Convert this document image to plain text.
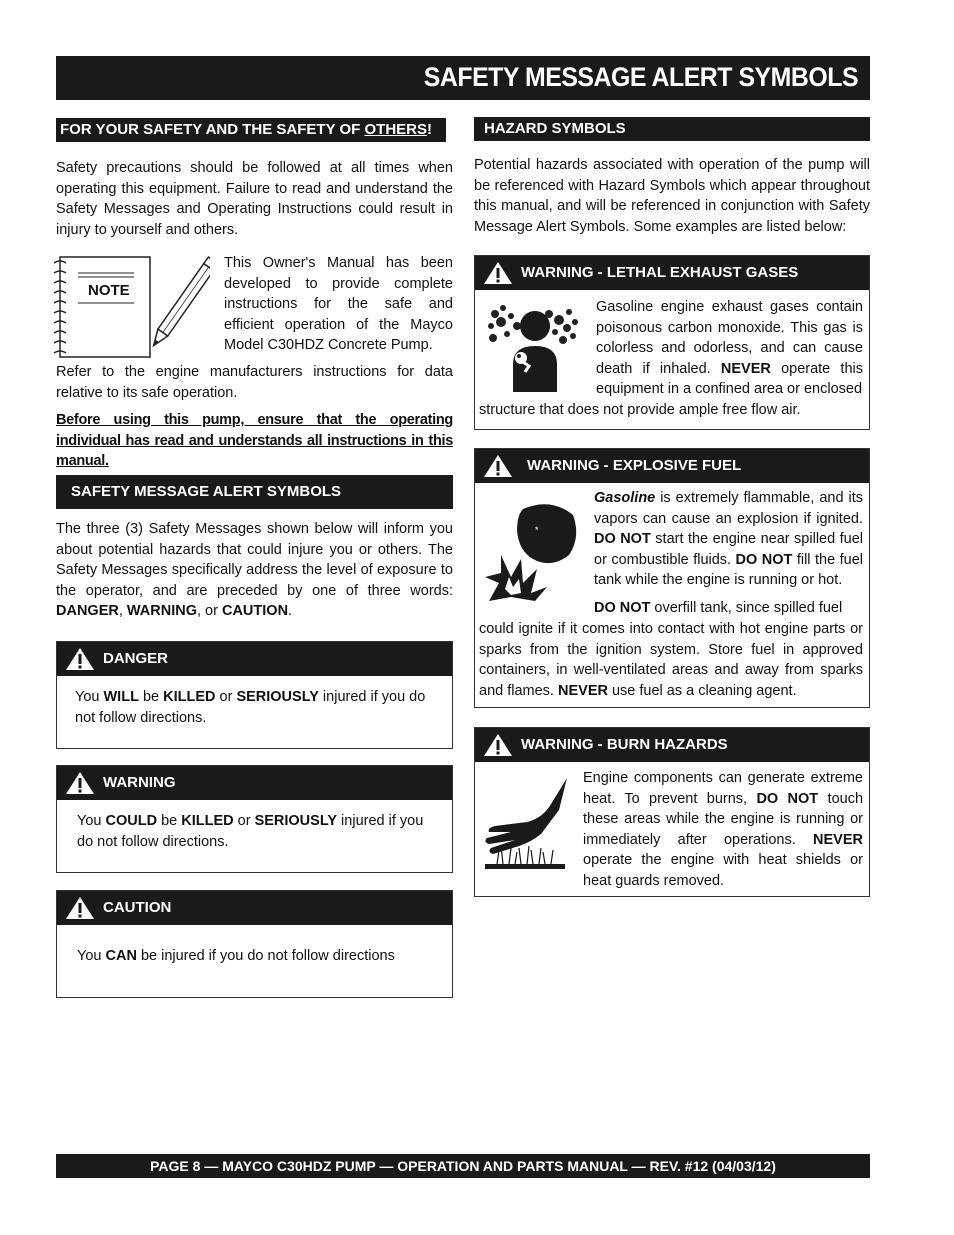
SAFETY MESSAGE ALERT SYMBOLS
FOR YOUR SAFETY AND THE SAFETY OF OTHERS!

Safety precautions should be followed at all times when operating this equipment. Failure to read and understand the Safety Messages and Operating Instructions could result in injury to yourself and others.

NOTE

This Owner's Manual has been developed to provide complete instructions for the safe and efficient operation of the Mayco Model C30HDZ Concrete Pump.

Refer to the engine manufacturers instructions for data relative to its safe operation.

Before using this pump, ensure that the operating individual has read and understands all instructions in this manual.

SAFETY MESSAGE ALERT SYMBOLS

The three (3) Safety Messages shown below will inform you about potential hazards that could injure you or others. The Safety Messages specifically address the level of exposure to the operator, and are preceded by one of three words: DANGER, WARNING, or CAUTION.

DANGER
You WILL be KILLED or SERIOUSLY injured if you do not follow directions.
WARNING
You COULD be KILLED or SERIOUSLY injured if you do not follow directions.
CAUTION
You CAN be injured if you do not follow directions
HAZARD SYMBOLS

Potential hazards associated with operation of the pump will be referenced with Hazard Symbols which appear throughout this manual, and will be referenced in conjunction with Safety Message Alert Symbols. Some examples are listed below:

WARNING - LETHAL EXHAUST GASES
Gasoline engine exhaust gases contain poisonous carbon monoxide. This gas is colorless and odorless, and can cause death if inhaled. NEVER operate this equipment in a confined area or enclosed
structure that does not provide ample free flow air.
WARNING - EXPLOSIVE FUEL
*
Gasoline is extremely flammable, and its vapors can cause an explosion if ignited. DO NOT start the engine near spilled fuel or combustible fluids. DO NOT fill the fuel tank while the engine is running or hot.
DO NOT overfill tank, since spilled fuel
could ignite if it comes into contact with hot engine parts or sparks from the ignition system. Store fuel in approved containers, in well-ventilated areas and away from sparks and flames. NEVER use fuel as a cleaning agent.
WARNING - BURN HAZARDS
Engine components can generate extreme heat. To prevent burns, DO NOT touch these areas while the engine is running or immediately after operations. NEVER operate the engine with heat shields or heat guards removed.
PAGE 8 — MAYCO C30HDZ PUMP — OPERATION AND PARTS MANUAL — REV. #12 (04/03/12)
